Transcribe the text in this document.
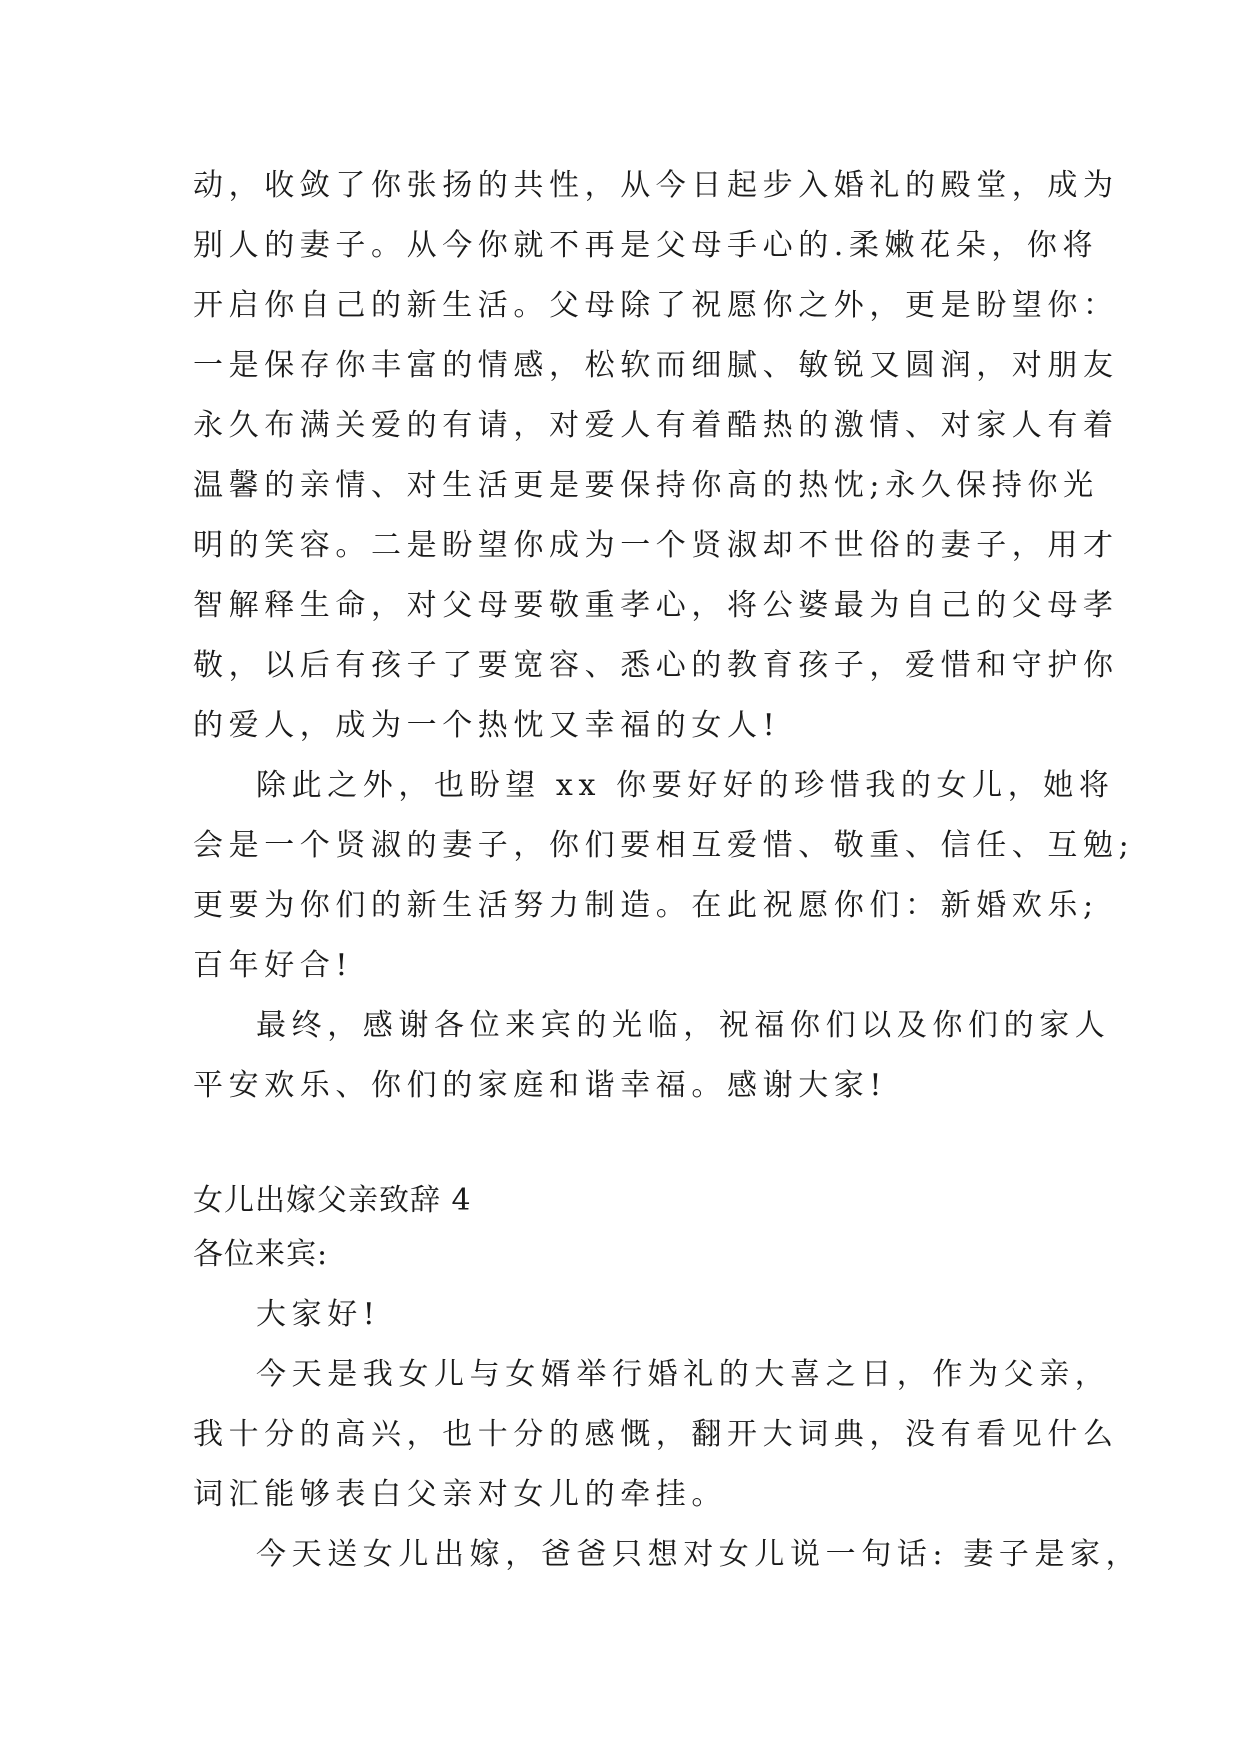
动，收敛了你张扬的共性，从今日起步入婚礼的殿堂，成为
别人的妻子。从今你就不再是父母手心的.柔嫩花朵，你将
开启你自己的新生活。父母除了祝愿你之外，更是盼望你：
一是保存你丰富的情感，松软而细腻、敏锐又圆润，对朋友
永久布满关爱的有请，对爱人有着酷热的激情、对家人有着
温馨的亲情、对生活更是要保持你高的热忱;永久保持你光
明的笑容。二是盼望你成为一个贤淑却不世俗的妻子，用才
智解释生命，对父母要敬重孝心，将公婆最为自己的父母孝
敬，以后有孩子了要宽容、悉心的教育孩子，爱惜和守护你
的爱人，成为一个热忱又幸福的女人!
除此之外，也盼望 xx 你要好好的珍惜我的女儿，她将
会是一个贤淑的妻子，你们要相互爱惜、敬重、信任、互勉;
更要为你们的新生活努力制造。在此祝愿你们：新婚欢乐;
百年好合!
最终，感谢各位来宾的光临，祝福你们以及你们的家人
平安欢乐、你们的家庭和谐幸福。感谢大家!
女儿出嫁父亲致辞 4
各位来宾:
大家好!
今天是我女儿与女婿举行婚礼的大喜之日，作为父亲，
我十分的高兴，也十分的感慨，翻开大词典，没有看见什么
词汇能够表白父亲对女儿的牵挂。
今天送女儿出嫁，爸爸只想对女儿说一句话: 妻子是家，
